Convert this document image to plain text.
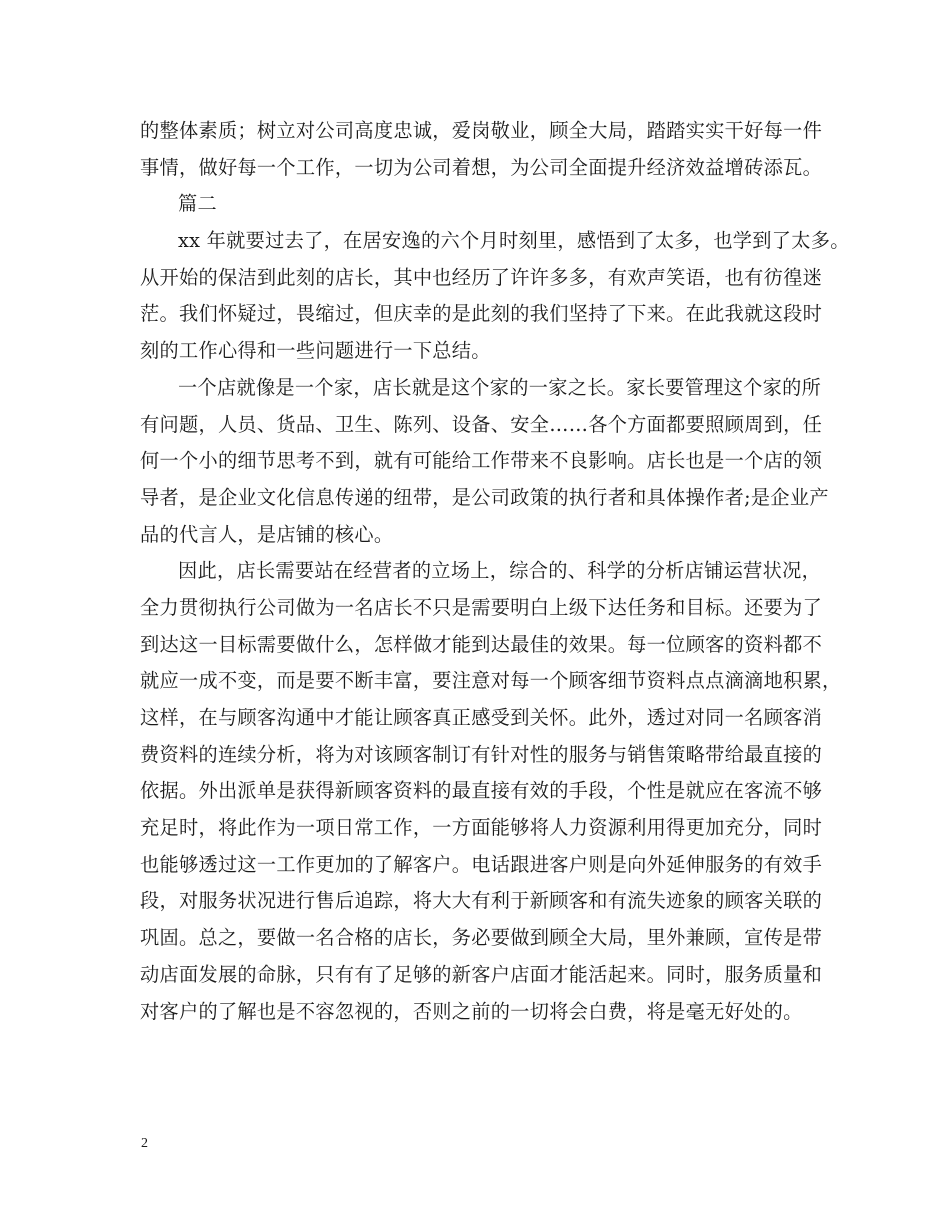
的整体素质；树立对公司高度忠诚，爱岗敬业，顾全大局，踏踏实实干好每一件
事情，做好每一个工作，一切为公司着想，为公司全面提升经济效益增砖添瓦。
篇二
xx 年就要过去了，在居安逸的六个月时刻里，感悟到了太多，也学到了太多。
从开始的保洁到此刻的店长，其中也经历了许许多多，有欢声笑语，也有彷徨迷
茫。我们怀疑过，畏缩过，但庆幸的是此刻的我们坚持了下来。在此我就这段时
刻的工作心得和一些问题进行一下总结。
一个店就像是一个家，店长就是这个家的一家之长。家长要管理这个家的所
有问题，人员、货品、卫生、陈列、设备、安全……各个方面都要照顾周到，任
何一个小的细节思考不到，就有可能给工作带来不良影响。店长也是一个店的领
导者，是企业文化信息传递的纽带，是公司政策的执行者和具体操作者;是企业产
品的代言人，是店铺的核心。
因此，店长需要站在经营者的立场上，综合的、科学的分析店铺运营状况，
全力贯彻执行公司做为一名店长不只是需要明白上级下达任务和目标。还要为了
到达这一目标需要做什么，怎样做才能到达最佳的效果。每一位顾客的资料都不
就应一成不变，而是要不断丰富，要注意对每一个顾客细节资料点点滴滴地积累，
这样，在与顾客沟通中才能让顾客真正感受到关怀。此外，透过对同一名顾客消
费资料的连续分析，将为对该顾客制订有针对性的服务与销售策略带给最直接的
依据。外出派单是获得新顾客资料的最直接有效的手段，个性是就应在客流不够
充足时，将此作为一项日常工作，一方面能够将人力资源利用得更加充分，同时
也能够透过这一工作更加的了解客户。电话跟进客户则是向外延伸服务的有效手
段，对服务状况进行售后追踪，将大大有利于新顾客和有流失迹象的顾客关联的
巩固。总之，要做一名合格的店长，务必要做到顾全大局，里外兼顾，宣传是带
动店面发展的命脉，只有有了足够的新客户店面才能活起来。同时，服务质量和
对客户的了解也是不容忽视的，否则之前的一切将会白费，将是毫无好处的。
2
